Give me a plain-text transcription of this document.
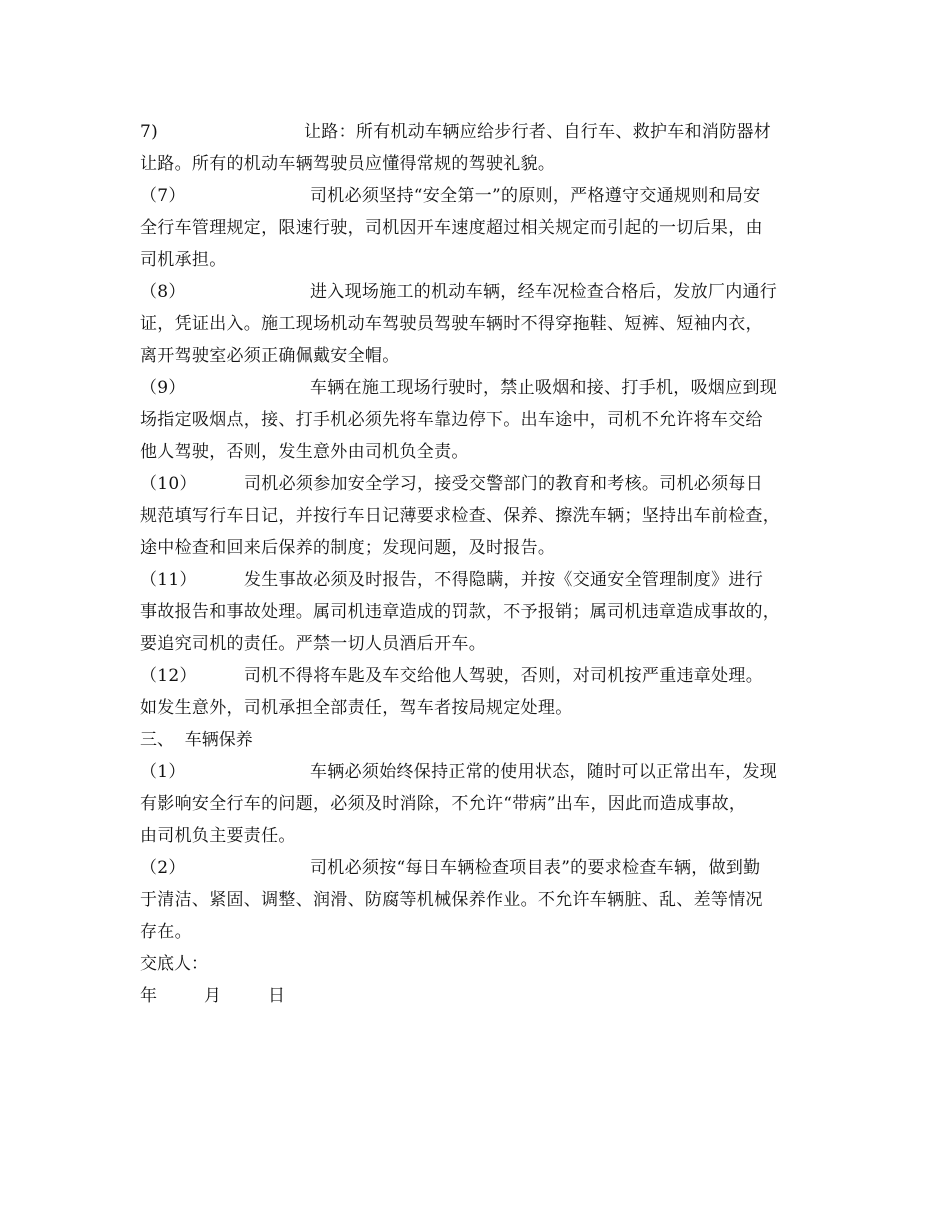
7)	让路：所有机动车辆应给步行者、自行车、救护车和消防器材
让路。所有的机动车辆驾驶员应懂得常规的驾驶礼貌。
（7）	司机必须坚持“安全第一”的原则，严格遵守交通规则和局安
全行车管理规定，限速行驶，司机因开车速度超过相关规定而引起的一切后果，由
司机承担。
（8）	进入现场施工的机动车辆，经车况检查合格后，发放厂内通行
证，凭证出入。施工现场机动车驾驶员驾驶车辆时不得穿拖鞋、短裤、短袖内衣，
离开驾驶室必须正确佩戴安全帽。
（9）	车辆在施工现场行驶时，禁止吸烟和接、打手机，吸烟应到现
场指定吸烟点，接、打手机必须先将车靠边停下。出车途中，司机不允许将车交给
他人驾驶，否则，发生意外由司机负全责。
（10）	司机必须参加安全学习，接受交警部门的教育和考核。司机必须每日
规范填写行车日记，并按行车日记薄要求检查、保养、擦洗车辆；坚持出车前检查，
途中检查和回来后保养的制度；发现问题，及时报告。
（11）	发生事故必须及时报告，不得隐瞒，并按《交通安全管理制度》进行
事故报告和事故处理。属司机违章造成的罚款，不予报销；属司机违章造成事故的，
要追究司机的责任。严禁一切人员酒后开车。
（12）	司机不得将车匙及车交给他人驾驶，否则，对司机按严重违章处理。
如发生意外，司机承担全部责任，驾车者按局规定处理。
三、  车辆保养
（1）	车辆必须始终保持正常的使用状态，随时可以正常出车，发现
有影响安全行车的问题，必须及时消除，不允许“带病”出车，因此而造成事故，
由司机负主要责任。
（2）	司机必须按“每日车辆检查项目表”的要求检查车辆，做到勤
于清洁、紧固、调整、润滑、防腐等机械保养作业。不允许车辆脏、乱、差等情况
存在。
交底人：
年	月	日
